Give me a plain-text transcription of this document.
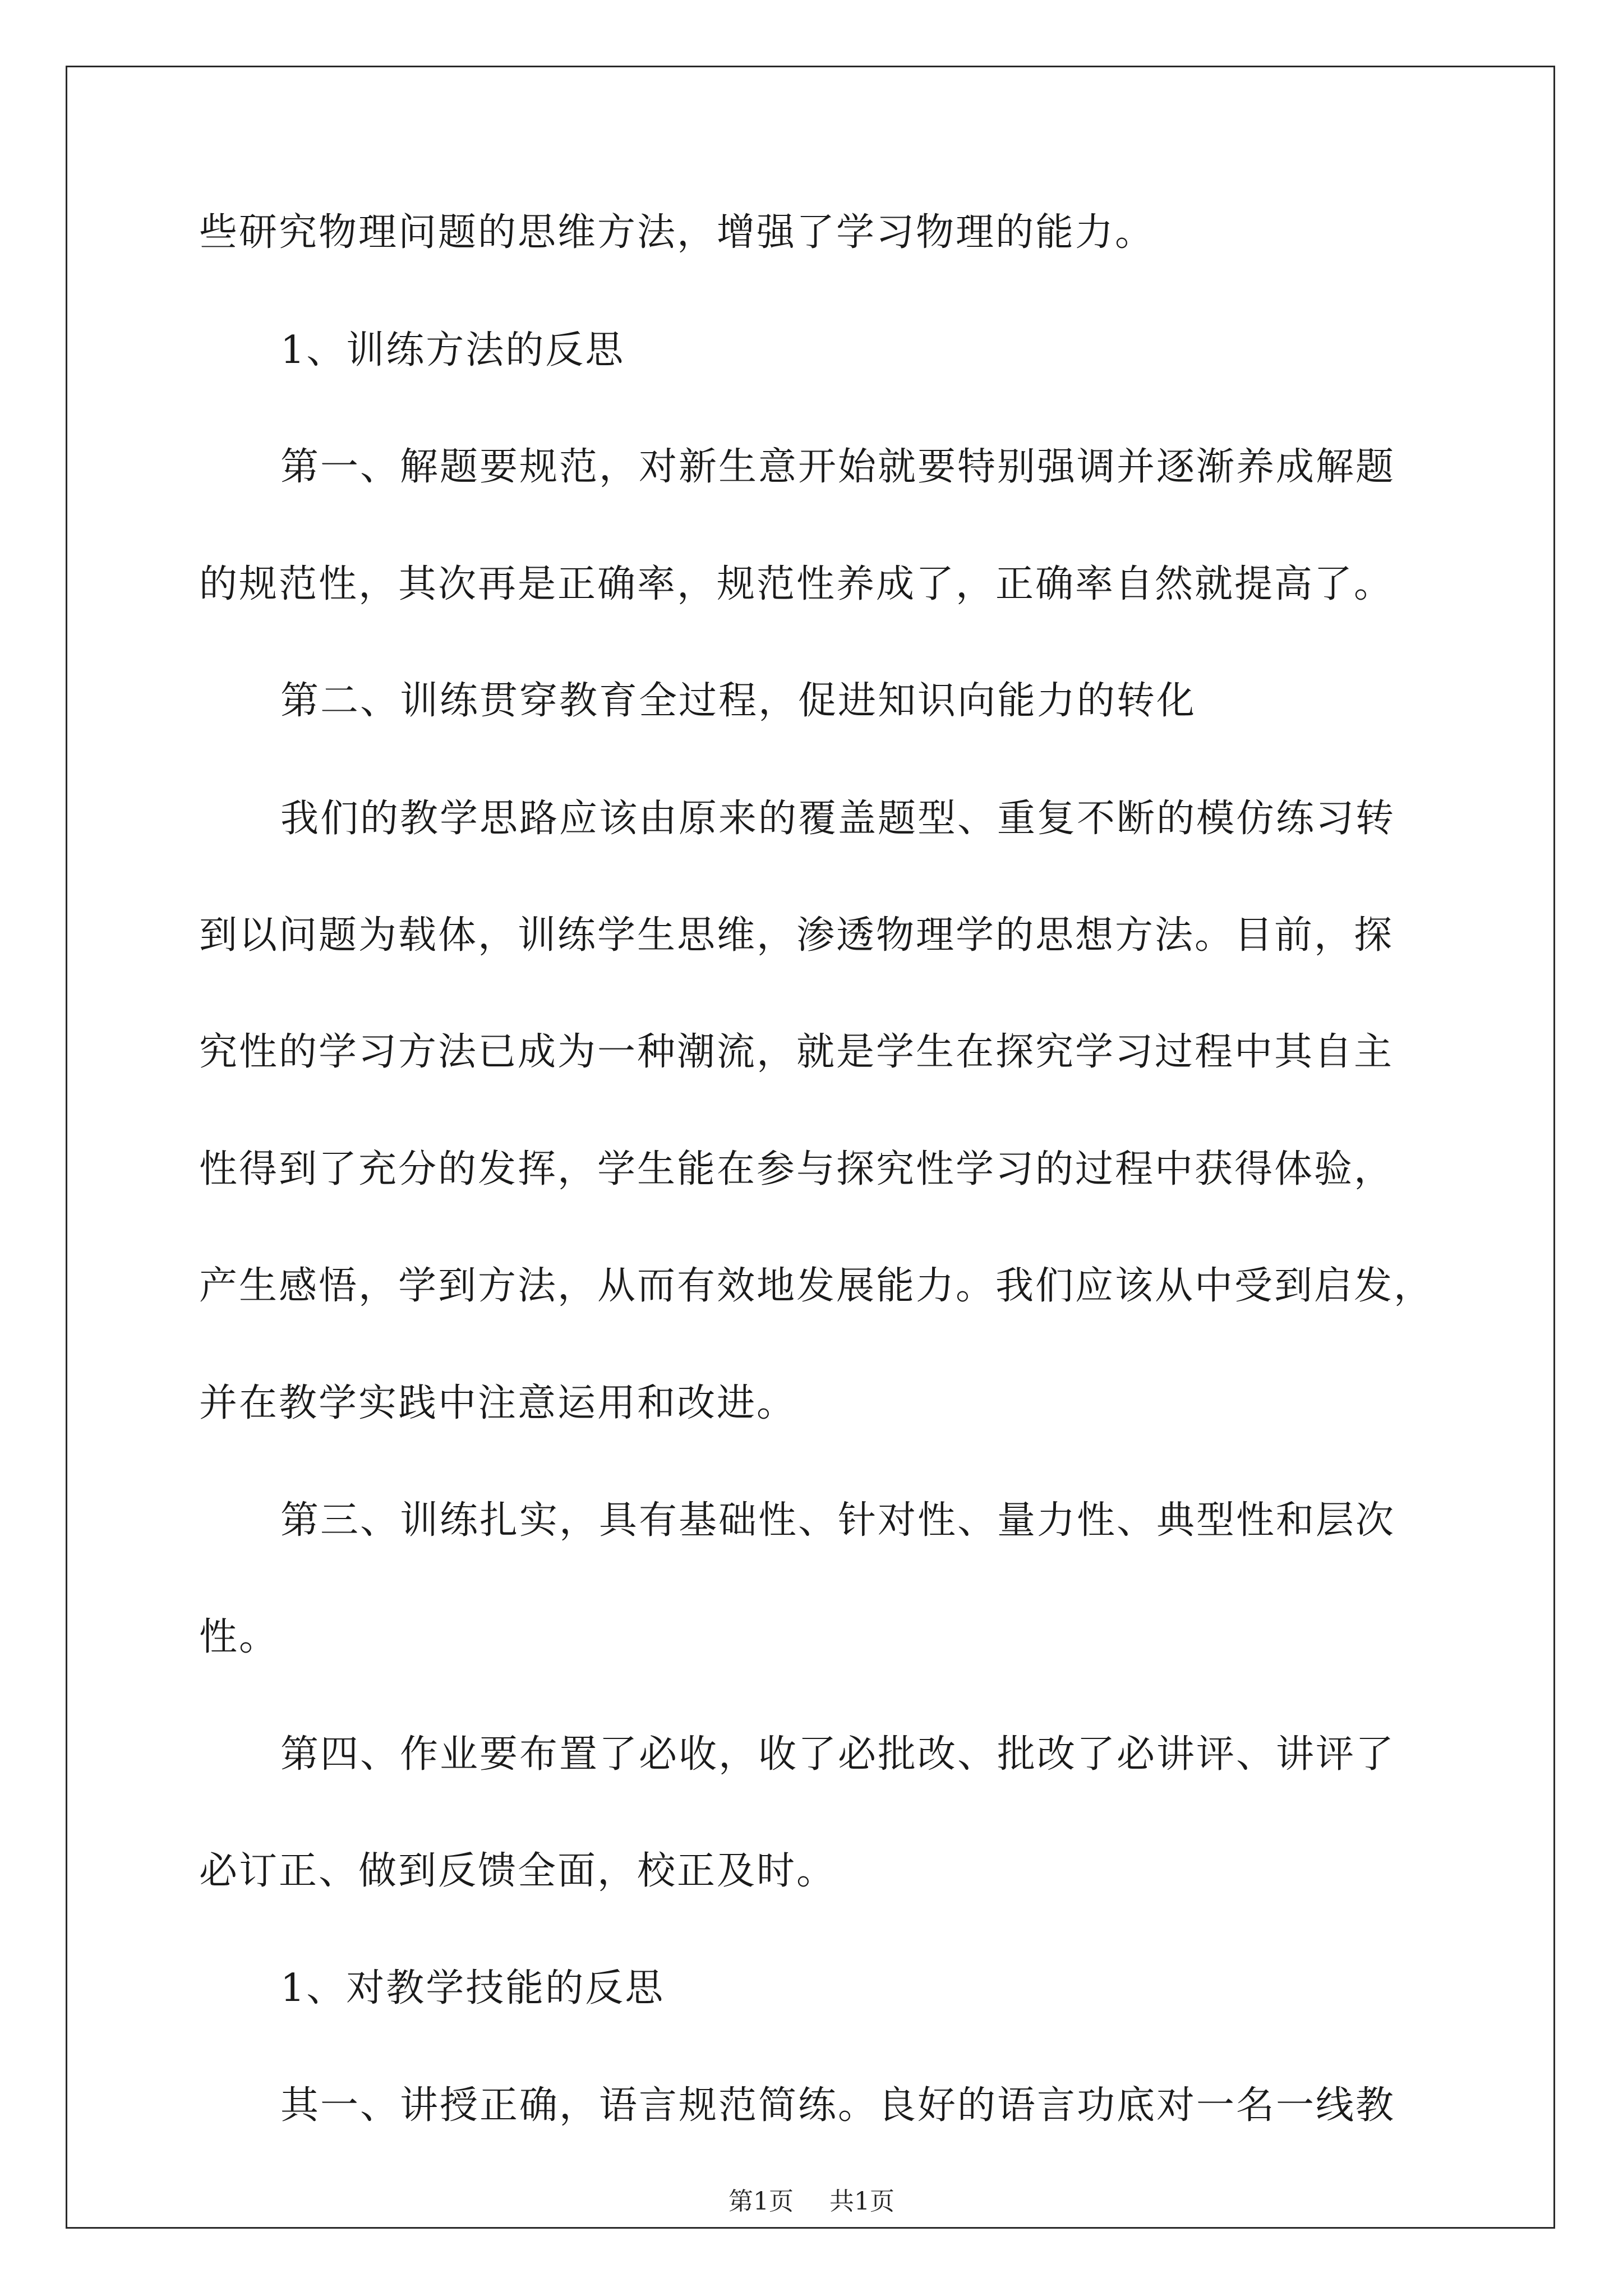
些研究物理问题的思维方法，增强了学习物理的能力。
1、训练方法的反思
第一、解题要规范，对新生意开始就要特别强调并逐渐养成解题
的规范性，其次再是正确率，规范性养成了，正确率自然就提高了。
第二、训练贯穿教育全过程，促进知识向能力的转化
我们的教学思路应该由原来的覆盖题型、重复不断的模仿练习转
到以问题为载体，训练学生思维，渗透物理学的思想方法。目前，探
究性的学习方法已成为一种潮流，就是学生在探究学习过程中其自主
性得到了充分的发挥，学生能在参与探究性学习的过程中获得体验，
产生感悟，学到方法，从而有效地发展能力。我们应该从中受到启发，
并在教学实践中注意运用和改进。
第三、训练扎实，具有基础性、针对性、量力性、典型性和层次
性。
第四、作业要布置了必收，收了必批改、批改了必讲评、讲评了
必订正、做到反馈全面，校正及时。
1、对教学技能的反思
其一、讲授正确，语言规范简练。良好的语言功底对一名一线教
第1页 共1页
